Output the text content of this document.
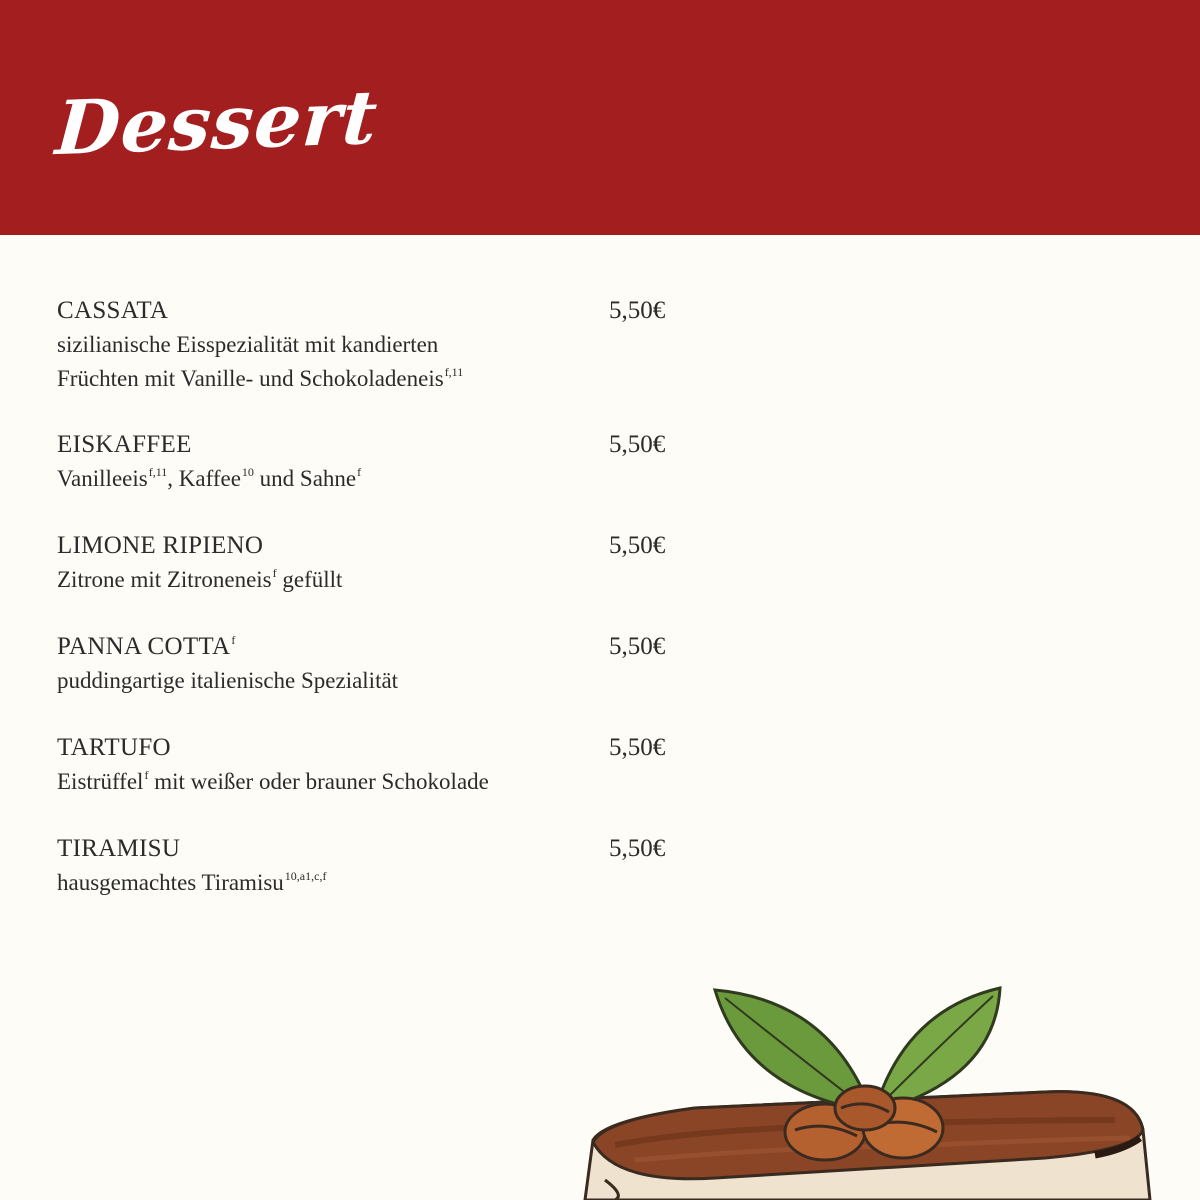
Dessert
CASSATA
sizilianische Eisspezialität mit kandierten
Früchten mit Vanille- und Schokoladeneis$^{f,11}$
5,50€
EISKAFFEE
Vanilleeis$^{f,11}$, Kaffee$^{10}$ und Sahne$^f$
5,50€
LIMONE RIPIENO
Zitrone mit Zitroneneis$^f$ gefüllt
5,50€
PANNA COTTA$^f$
puddingartige italienische Spezialität
5,50€
TARTUFO
Eistrüffel$^f$ mit weißer oder brauner Schokolade
5,50€
TIRAMISU
hausgemachtes Tiramisu$^{10,a1,c,f}$
5,50€
